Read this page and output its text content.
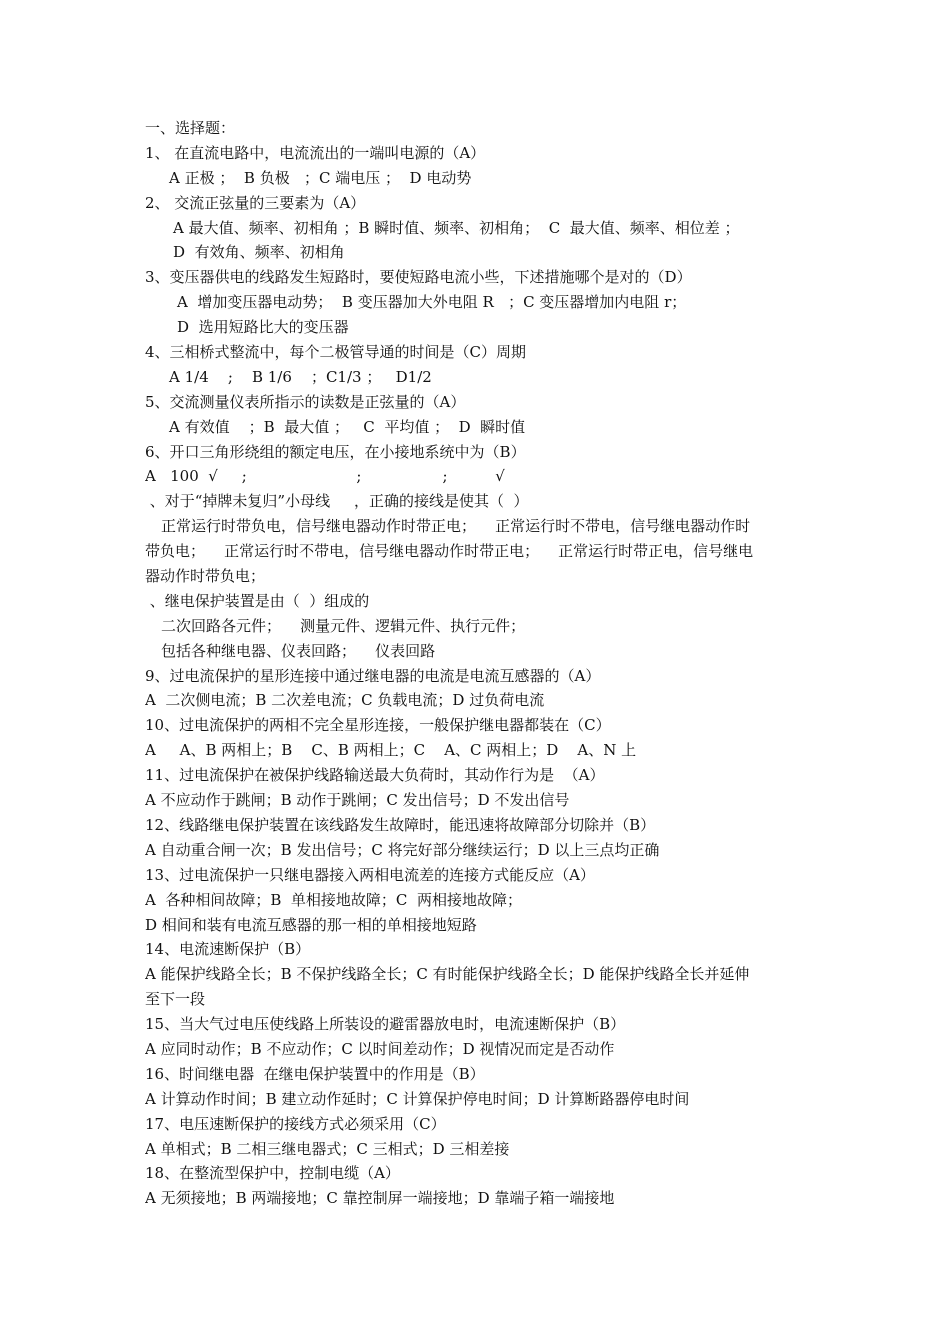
一、选择题：
1、 在直流电路中，电流流出的一端叫电源的（A）
A 正极 ；  B 负极   ；C 端电压 ；  D 电动势
2、 交流正弦量的三要素为（A）
A 最大值、频率、初相角 ；B 瞬时值、频率、初相角；  C  最大值、频率、相位差 ；
D  有效角、频率、初相角
3、变压器供电的线路发生短路时，要使短路电流小些，下述措施哪个是对的（D）
A  增加变压器电动势；  B 变压器加大外电阻 R   ；C 变压器增加内电阻 r；
D  选用短路比大的变压器
4、三相桥式整流中，每个二极管导通的时间是（C）周期
A 1/4    ;    B 1/6    ；C1/3 ；   D1/2
5、交流测量仪表所指示的读数是正弦量的（A）
A 有效值    ；B  最大值 ；   C  平均值 ；  D  瞬时值
6、开口三角形绕组的额定电压，在小接地系统中为（B）
A   100  √     ;                       ;                 ;          √
、对于“掉牌未复归”小母线     ，正确的接线是使其（  ）
正常运行时带负电，信号继电器动作时带正电；    正常运行时不带电，信号继电器动作时
带负电；    正常运行时不带电，信号继电器动作时带正电；    正常运行时带正电，信号继电
器动作时带负电；
、继电保护装置是由（  ）组成的
二次回路各元件；    测量元件、逻辑元件、执行元件；
包括各种继电器、仪表回路；    仪表回路
9、过电流保护的星形连接中通过继电器的电流是电流互感器的（A）
A  二次侧电流；B 二次差电流；C 负载电流；D 过负荷电流
10、过电流保护的两相不完全星形连接，一般保护继电器都装在（C）
A     A、B 两相上；B    C、B 两相上；C    A、C 两相上；D    A、N 上
11、过电流保护在被保护线路输送最大负荷时，其动作行为是  （A）
A 不应动作于跳闸；B 动作于跳闸；C 发出信号；D 不发出信号
12、线路继电保护装置在该线路发生故障时，能迅速将故障部分切除并（B）
A 自动重合闸一次；B 发出信号；C 将完好部分继续运行；D 以上三点均正确
13、过电流保护一只继电器接入两相电流差的连接方式能反应（A）
A  各种相间故障；B  单相接地故障；C  两相接地故障；
D 相间和装有电流互感器的那一相的单相接地短路
14、电流速断保护（B）
A 能保护线路全长；B 不保护线路全长；C 有时能保护线路全长；D 能保护线路全长并延伸
至下一段
15、当大气过电压使线路上所装设的避雷器放电时，电流速断保护（B）
A 应同时动作；B 不应动作；C 以时间差动作；D 视情况而定是否动作
16、时间继电器  在继电保护装置中的作用是（B）
A 计算动作时间；B 建立动作延时；C 计算保护停电时间；D 计算断路器停电时间
17、电压速断保护的接线方式必须采用（C）
A 单相式；B 二相三继电器式；C 三相式；D 三相差接
18、在整流型保护中，控制电缆（A）
A 无须接地；B 两端接地；C 靠控制屏一端接地；D 靠端子箱一端接地
